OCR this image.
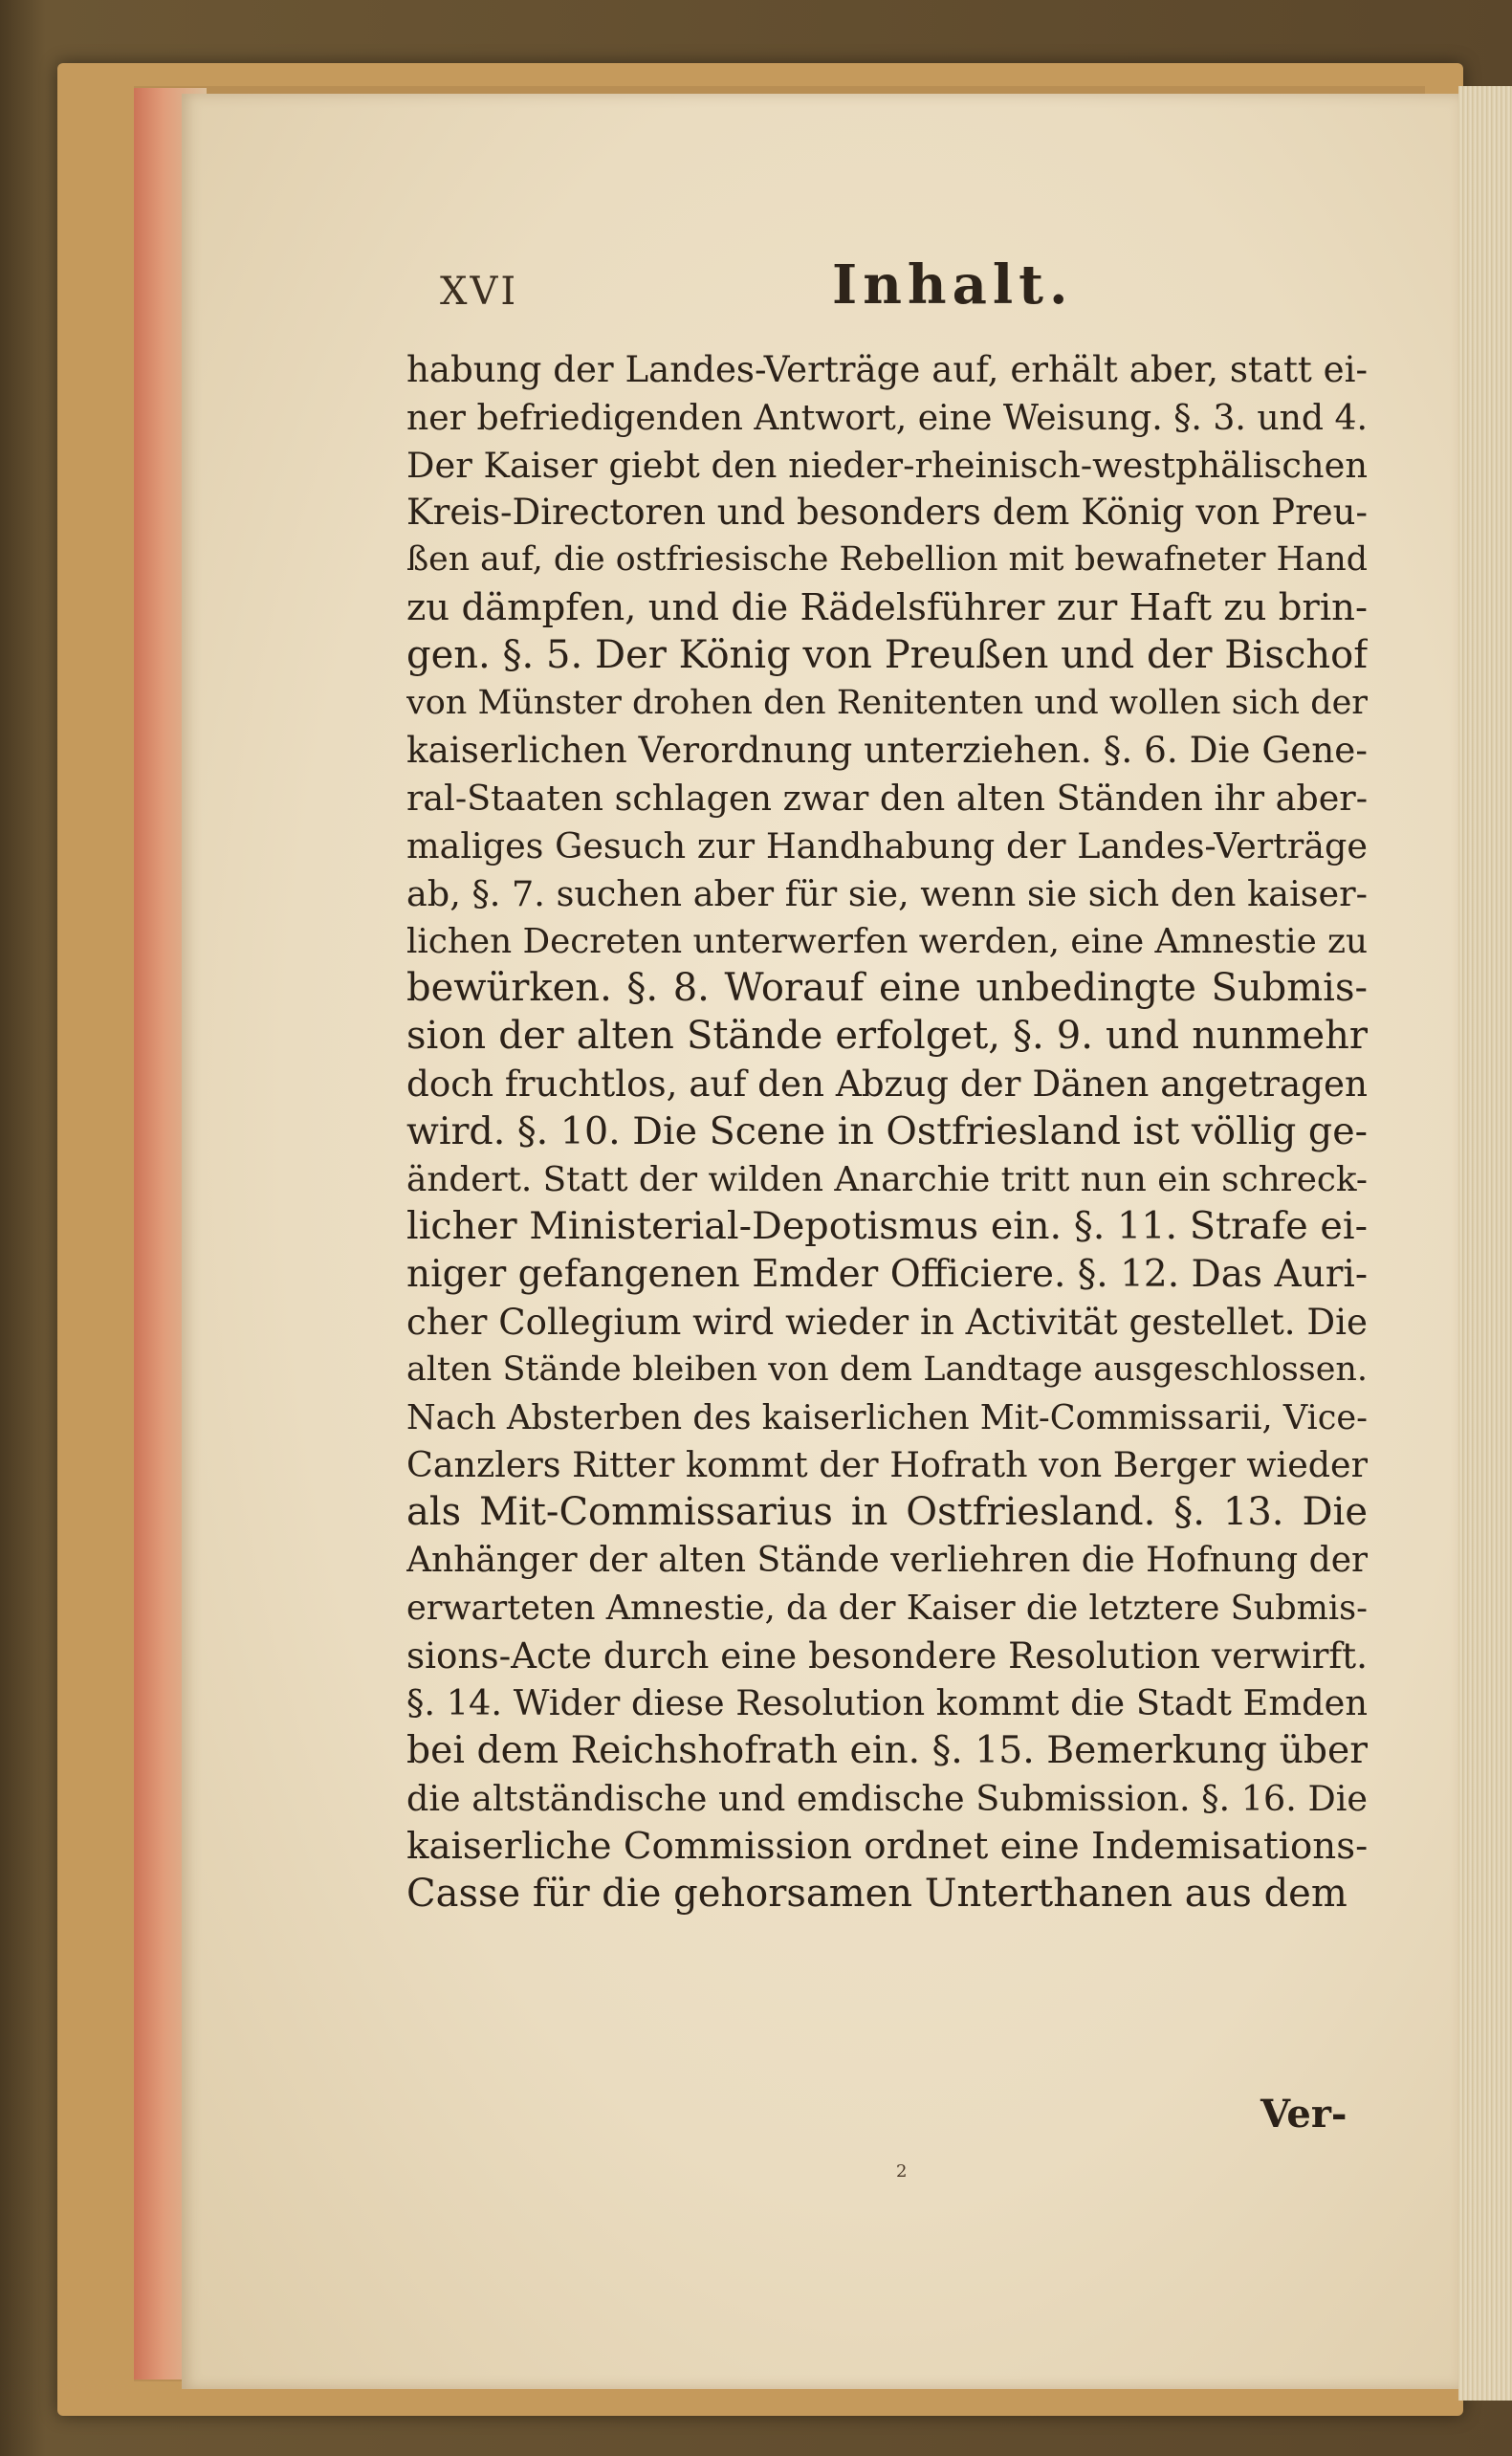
XVI	Inhalt.
habung der Landes-Verträge auf, erhält aber, statt ei-
ner befriedigenden Antwort, eine Weisung. §. 3. und 4.
Der Kaiser giebt den nieder-rheinisch-westphälischen
Kreis-Directoren und besonders dem König von Preu-
ßen auf, die ostfriesische Rebellion mit bewafneter Hand
zu dämpfen, und die Rädelsführer zur Haft zu brin-
gen. §. 5. Der König von Preußen und der Bischof
von Münster drohen den Renitenten und wollen sich der
kaiserlichen Verordnung unterziehen. §. 6. Die Gene-
ral-Staaten schlagen zwar den alten Ständen ihr aber-
maliges Gesuch zur Handhabung der Landes-Verträge
ab, §. 7. suchen aber für sie, wenn sie sich den kaiser-
lichen Decreten unterwerfen werden, eine Amnestie zu
bewürken. §. 8. Worauf eine unbedingte Submis-
sion der alten Stände erfolget, §. 9. und nunmehr
doch fruchtlos, auf den Abzug der Dänen angetragen
wird. §. 10. Die Scene in Ostfriesland ist völlig ge-
ändert. Statt der wilden Anarchie tritt nun ein schreck-
licher Ministerial-Depotismus ein. §. 11. Strafe ei-
niger gefangenen Emder Officiere. §. 12. Das Auri-
cher Collegium wird wieder in Activität gestellet. Die
alten Stände bleiben von dem Landtage ausgeschlossen.
Nach Absterben des kaiserlichen Mit-Commissarii, Vice-
Canzlers Ritter kommt der Hofrath von Berger wieder
als Mit-Commissarius in Ostfriesland. §. 13. Die
Anhänger der alten Stände verliehren die Hofnung der
erwarteten Amnestie, da der Kaiser die letztere Submis-
sions-Acte durch eine besondere Resolution verwirft.
§. 14. Wider diese Resolution kommt die Stadt Emden
bei dem Reichshofrath ein. §. 15. Bemerkung über
die altständische und emdische Submission. §. 16. Die
kaiserliche Commission ordnet eine Indemisations-
Casse für die gehorsamen Unterthanen aus dem
Ver-
2
